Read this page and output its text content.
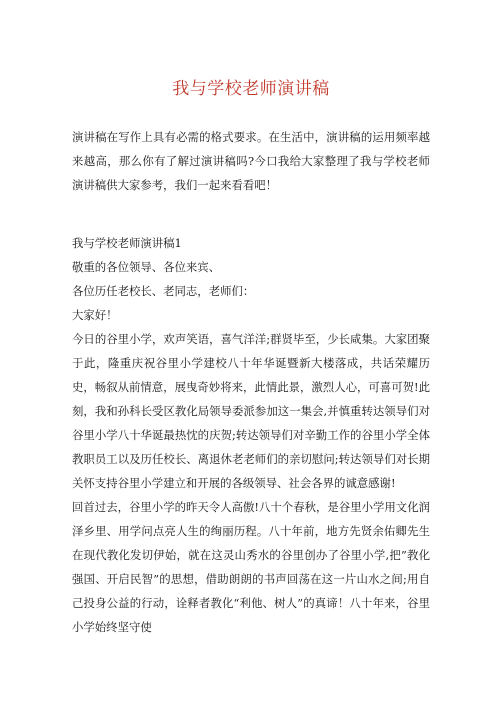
我与学校老师演讲稿

演讲稿在写作上具有必需的格式要求。在生活中，演讲稿的运用频率越来越高，那么你有了解过演讲稿吗?今口我给大家整理了我与学校老师演讲稿供大家参考，我们一起来看看吧！

我与学校老师演讲稿1

敬重的各位领导、各位来宾、

各位历任老校长、老同志，老师们：

大家好！

今日的谷里小学，欢声笑语，喜气洋洋;群贤毕至，少长咸集。大家团聚于此，隆重庆祝谷里小学建校八十年华诞暨新大楼落成，共话荣耀历史，畅叙从前情意，展曳奇妙将来，此情此景，激烈人心，可喜可贺!此刻，我和孙科长受区教化局领导委派参加这一集会,并慎重转达领导们对谷里小学八十华诞最热忱的庆贺;转达领导们对辛勤工作的谷里小学全体教职员工以及历任校长、离退休老老师们的亲切慰问;转达领导们对长期关怀支持谷里小学建立和开展的各级领导、社会各界的诚意感谢!

回首过去，谷里小学的昨天令人高傲!八十个春秋，是谷里小学用文化润泽乡里、用学问点亮人生的绚丽历程。八十年前，地方先贤余佑卿先生在现代教化发切伊始，就在这灵山秀水的谷里创办了谷里小学,把”教化强国、开启民智”的思想，借助朗朗的书声回荡在这一片山水之间;用自己投身公益的行动，诠释者教化“利他、树人”的真谛！八十年来，谷里小学始终坚守使
